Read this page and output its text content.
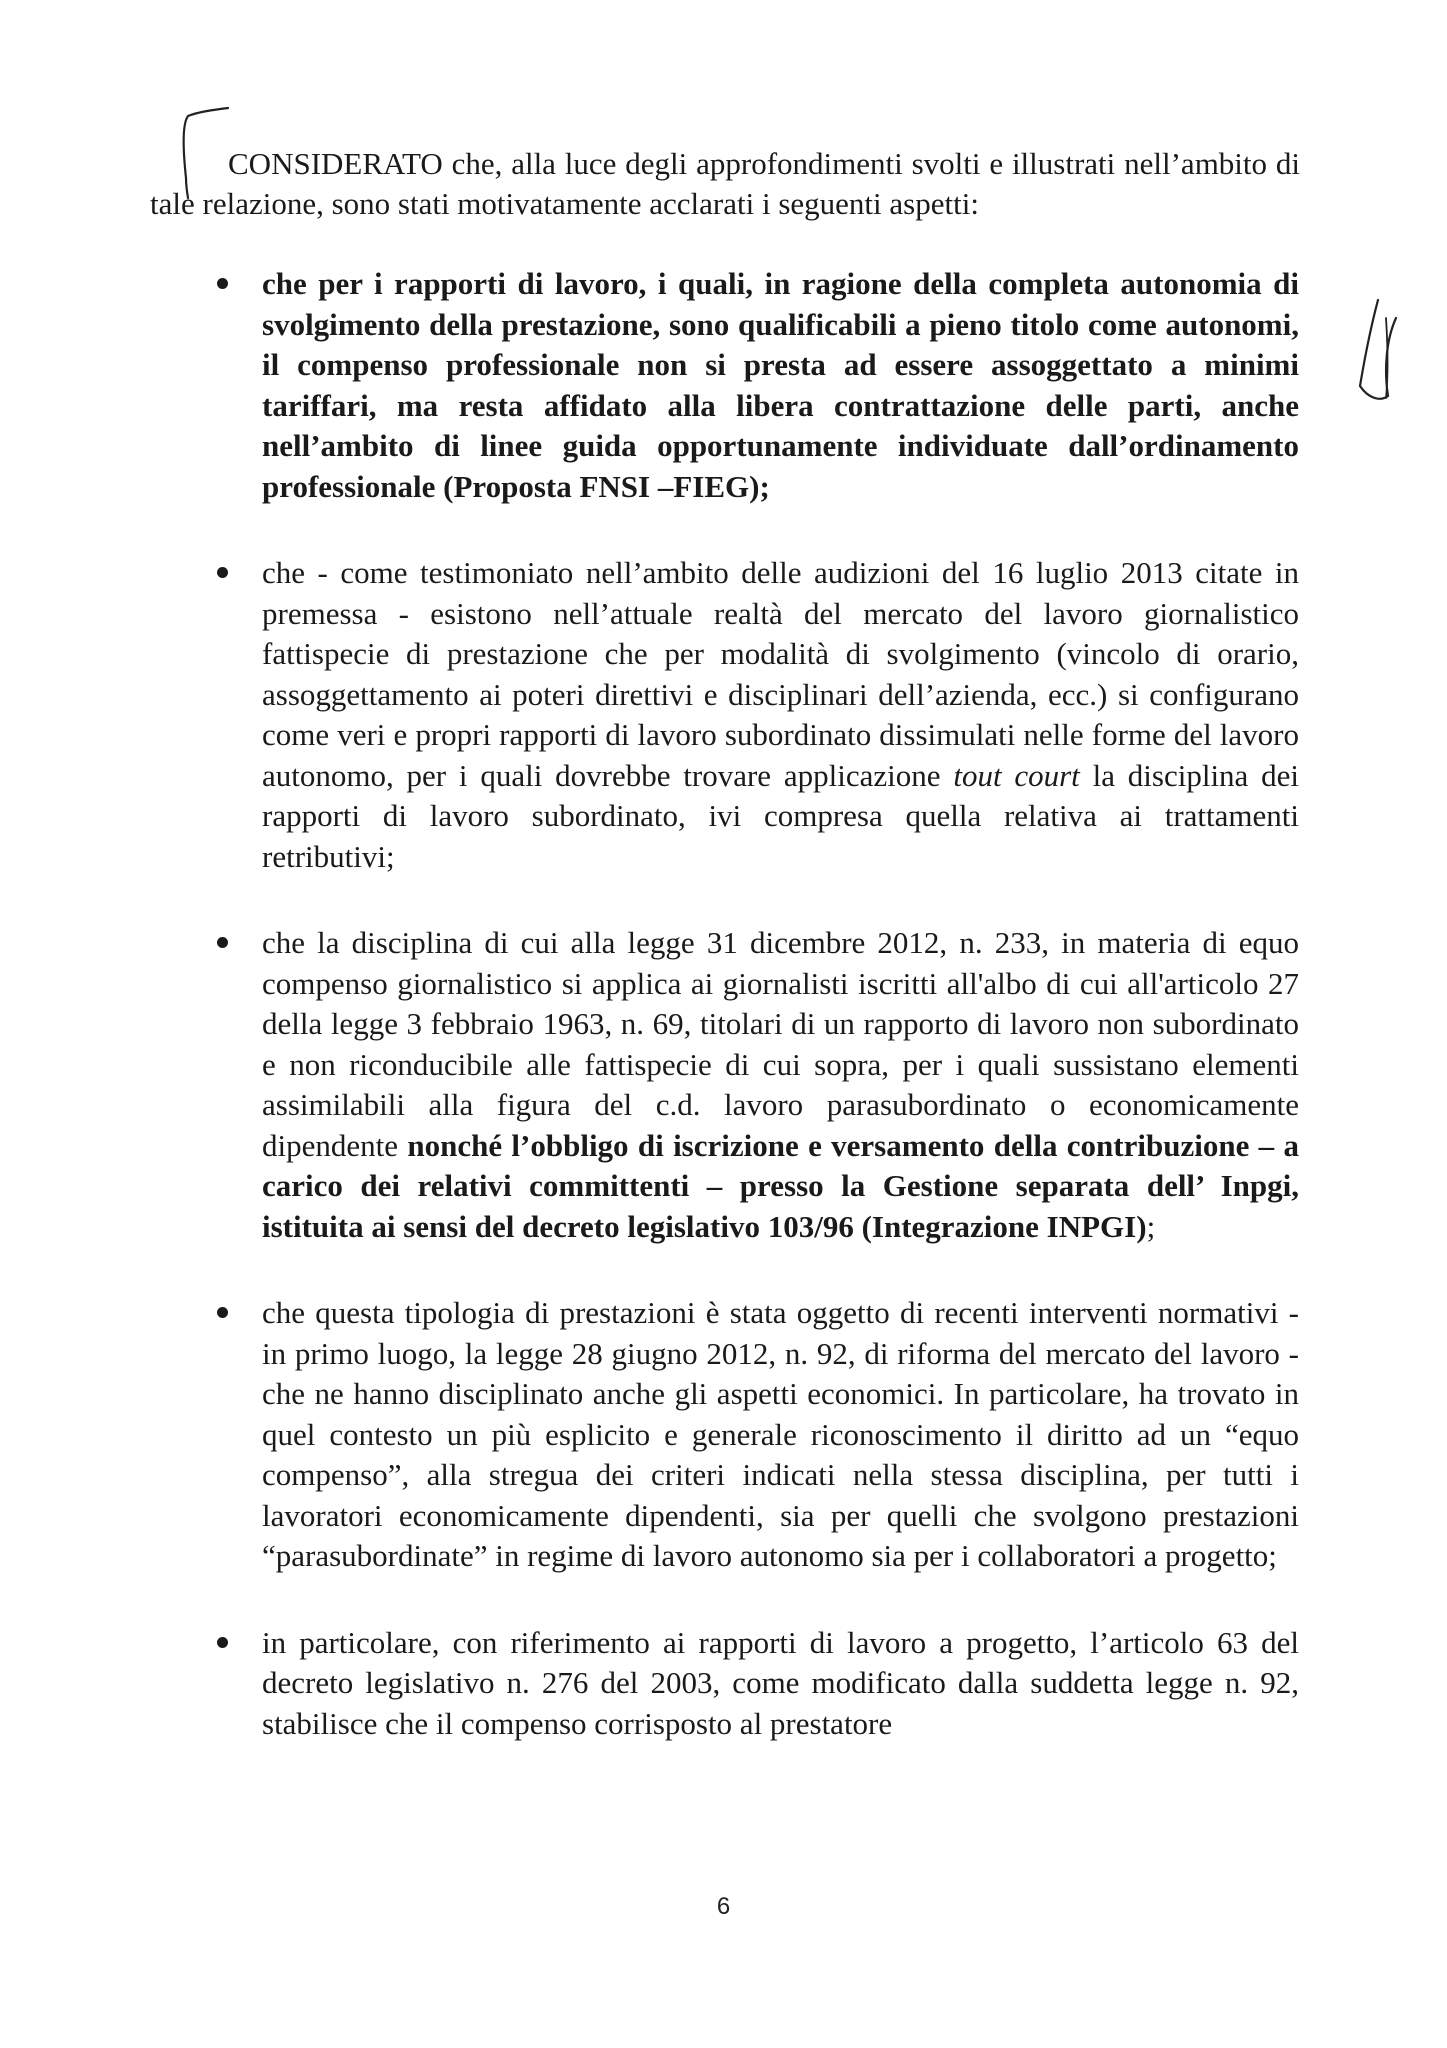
CONSIDERATO che, alla luce degli approfondimenti svolti e illustrati nell’ambito di tale relazione, sono stati motivatamente acclarati i seguenti aspetti:

che per i rapporti di lavoro, i quali, in ragione della completa autonomia di svolgimento della prestazione, sono qualificabili a pieno titolo come autonomi, il compenso professionale non si presta ad essere assoggettato a minimi tariffari, ma resta affidato alla libera contrattazione delle parti, anche nell’ambito di linee guida opportunamente individuate dall’ordinamento professionale (Proposta FNSI –FIEG);
che - come testimoniato nell’ambito delle audizioni del 16 luglio 2013 citate in premessa - esistono nell’attuale realtà del mercato del lavoro giornalistico fattispecie di prestazione che per modalità di svolgimento (vincolo di orario, assoggettamento ai poteri direttivi e disciplinari dell’azienda, ecc.) si configurano come veri e propri rapporti di lavoro subordinato dissimulati nelle forme del lavoro autonomo, per i quali dovrebbe trovare applicazione tout court la disciplina dei rapporti di lavoro subordinato, ivi compresa quella relativa ai trattamenti retributivi;
che la disciplina di cui alla legge 31 dicembre 2012, n. 233, in materia di equo compenso giornalistico si applica ai giornalisti iscritti all'albo di cui all'articolo 27 della legge 3 febbraio 1963, n. 69, titolari di un rapporto di lavoro non subordinato e non riconducibile alle fattispecie di cui sopra, per i quali sussistano elementi assimilabili alla figura del c.d. lavoro parasubordinato o economicamente dipendente nonché l’obbligo di iscrizione e versamento della contribuzione – a carico dei relativi committenti – presso la Gestione separata dell’ Inpgi, istituita ai sensi del decreto legislativo 103/96 (Integrazione INPGI);
che questa tipologia di prestazioni è stata oggetto di recenti interventi normativi - in primo luogo, la legge 28 giugno 2012, n. 92, di riforma del mercato del lavoro - che ne hanno disciplinato anche gli aspetti economici. In particolare, ha trovato in quel contesto un più esplicito e generale riconoscimento il diritto ad un “equo compenso”, alla stregua dei criteri indicati nella stessa disciplina, per tutti i lavoratori economicamente dipendenti, sia per quelli che svolgono prestazioni “parasubordinate” in regime di lavoro autonomo sia per i collaboratori a progetto;
in particolare, con riferimento ai rapporti di lavoro a progetto, l’articolo 63 del decreto legislativo n. 276 del 2003, come modificato dalla suddetta legge n. 92, stabilisce che il compenso corrisposto al prestatore
6
